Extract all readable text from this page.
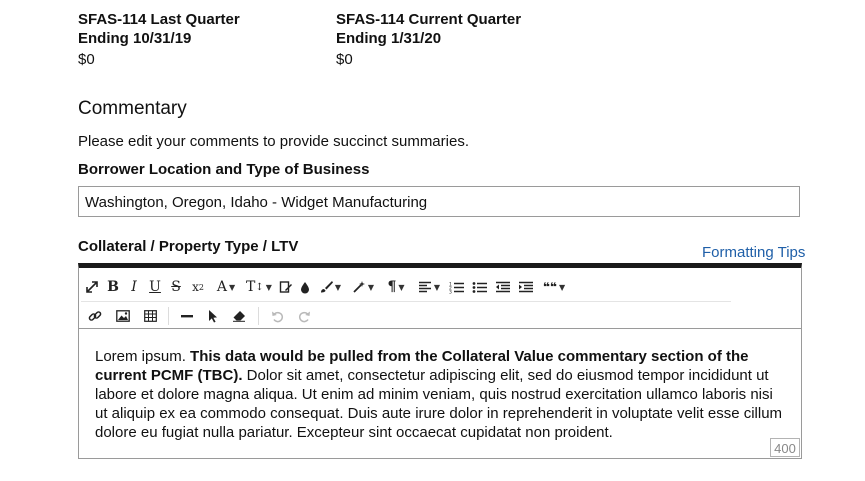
SFAS-114 Last Quarter
Ending 10/31/19
$0
SFAS-114 Current Quarter
Ending 1/31/20
$0
Commentary
Please edit your comments to provide succinct summaries.
Borrower Location and Type of Business
Washington, Oregon, Idaho - Widget Manufacturing
Collateral / Property Type / LTV	Formatting Tips
B I U S x 2 A ▼ T ↕ ▼	▼	▼ ¶ ▼	▼ 1
2
3	❝❝ ▼
Lorem ipsum. This data would be pulled from the Collateral Value commentary section of the current PCMF (TBC). Dolor sit amet, consectetur adipiscing elit, sed do eiusmod tempor incididunt ut labore et dolore magna aliqua. Ut enim ad minim veniam, quis nostrud exercitation ullamco laboris nisi ut aliquip ex ea commodo consequat. Duis aute irure dolor in reprehenderit in voluptate velit esse cillum dolore eu fugiat nulla pariatur. Excepteur sint occaecat cupidatat non proident.
400
